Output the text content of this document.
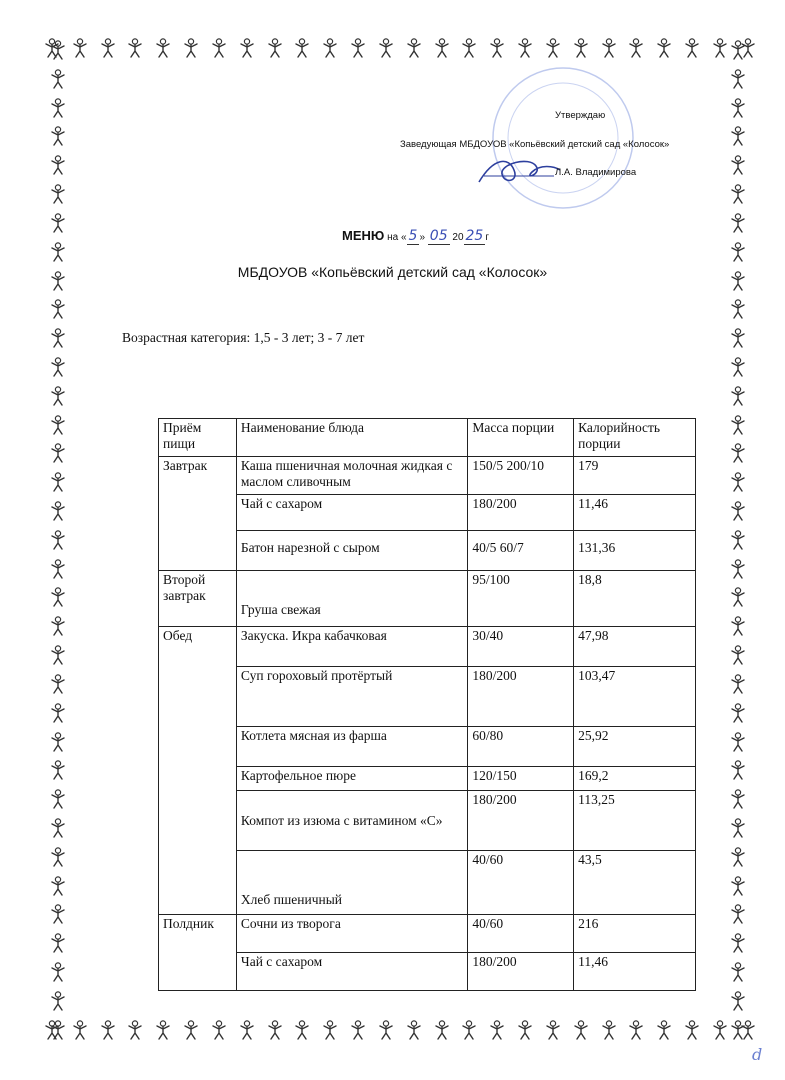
Утверждаю
Заведующая МБДОУОВ «Копьёвский детский сад «Колосок»
Л.А. Владимирова
МЕНЮ на « 5 » 05 20 25 г
МБДОУОВ «Копьёвский детский сад «Колосок»
Возрастная категория: 1,5 - 3 лет; 3 - 7 лет
Приём пищи	Наименование блюда	Масса порции	Калорийность порции
Завтрак	Каша пшеничная молочная жидкая с маслом сливочным	150/5 200/10	179
	Чай с сахаром	180/200	11,46
	Батон нарезной с сыром	40/5 60/7	131,36
Второй завтрак	Груша свежая	95/100	18,8
Обед	Закуска. Икра кабачковая	30/40	47,98
	Суп гороховый протёртый	180/200	103,47
	Котлета мясная из фарша	60/80	25,92
	Картофельное пюре	120/150	169,2
	Компот из изюма с витамином «С»	180/200	113,25
	Хлеб пшеничный	40/60	43,5
Полдник	Сочни из творога	40/60	216
	Чай с сахаром	180/200	11,46
d
